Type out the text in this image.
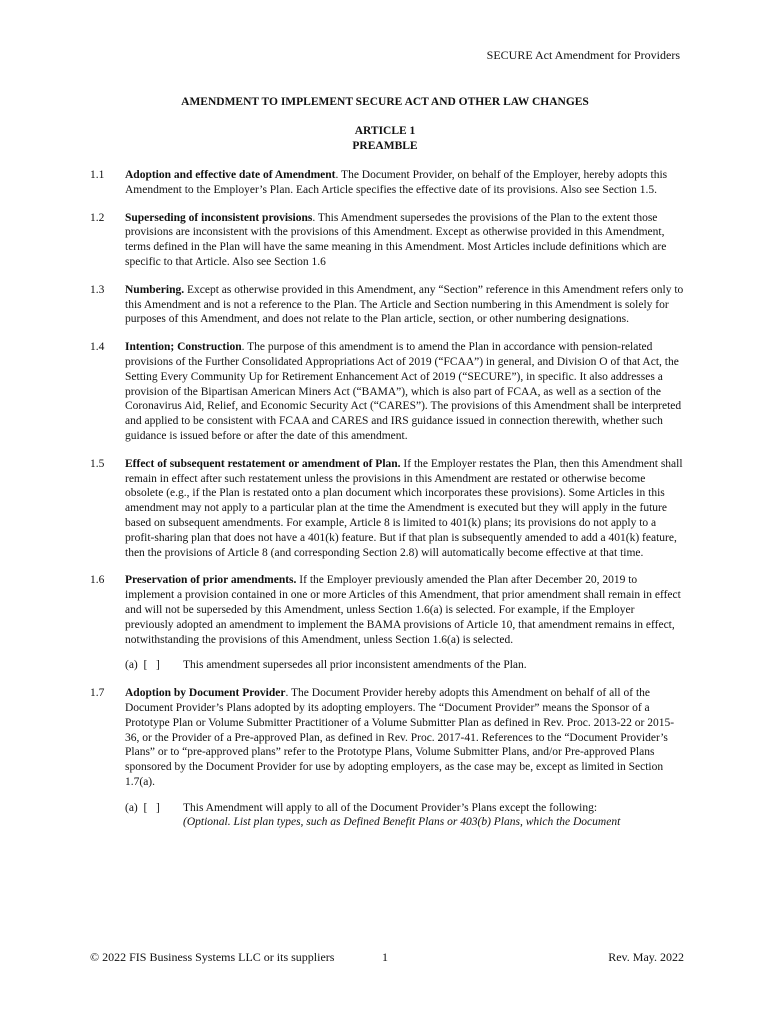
SECURE Act Amendment for Providers
AMENDMENT TO IMPLEMENT SECURE ACT AND OTHER LAW CHANGES
ARTICLE 1
PREAMBLE
1.1	Adoption and effective date of Amendment. The Document Provider, on behalf of the Employer, hereby adopts this Amendment to the Employer’s Plan. Each Article specifies the effective date of its provisions. Also see Section 1.5.
1.2	Superseding of inconsistent provisions. This Amendment supersedes the provisions of the Plan to the extent those provisions are inconsistent with the provisions of this Amendment. Except as otherwise provided in this Amendment, terms defined in the Plan will have the same meaning in this Amendment. Most Articles include definitions which are specific to that Article. Also see Section 1.6
1.3	Numbering. Except as otherwise provided in this Amendment, any “Section” reference in this Amendment refers only to this Amendment and is not a reference to the Plan. The Article and Section numbering in this Amendment is solely for purposes of this Amendment, and does not relate to the Plan article, section, or other numbering designations.
1.4	Intention; Construction. The purpose of this amendment is to amend the Plan in accordance with pension-related provisions of the Further Consolidated Appropriations Act of 2019 (“FCAA”) in general, and Division O of that Act, the Setting Every Community Up for Retirement Enhancement Act of 2019 (“SECURE”), in specific. It also addresses a provision of the Bipartisan American Miners Act (“BAMA”), which is also part of FCAA, as well as a section of the Coronavirus Aid, Relief, and Economic Security Act (“CARES”). The provisions of this Amendment shall be interpreted and applied to be consistent with FCAA and CARES and IRS guidance issued in connection therewith, whether such guidance is issued before or after the date of this amendment.
1.5	Effect of subsequent restatement or amendment of Plan. If the Employer restates the Plan, then this Amendment shall remain in effect after such restatement unless the provisions in this Amendment are restated or otherwise become obsolete (e.g., if the Plan is restated onto a plan document which incorporates these provisions). Some Articles in this amendment may not apply to a particular plan at the time the Amendment is executed but they will apply in the future based on subsequent amendments. For example, Article 8 is limited to 401(k) plans; its provisions do not apply to a profit-sharing plan that does not have a 401(k) feature. But if that plan is subsequently amended to add a 401(k) feature, then the provisions of Article 8 (and corresponding Section 2.8) will automatically become effective at that time.
1.6	Preservation of prior amendments. If the Employer previously amended the Plan after December 20, 2019 to implement a provision contained in one or more Articles of this Amendment, that prior amendment shall remain in effect and will not be superseded by this Amendment, unless Section 1.6(a) is selected. For example, if the Employer previously adopted an amendment to implement the BAMA provisions of Article 10, that amendment remains in effect, notwithstanding the provisions of this Amendment, unless Section 1.6(a) is selected.
(a)  [   ]	This amendment supersedes all prior inconsistent amendments of the Plan.
1.7	Adoption by Document Provider. The Document Provider hereby adopts this Amendment on behalf of all of the Document Provider’s Plans adopted by its adopting employers. The “Document Provider” means the Sponsor of a Prototype Plan or Volume Submitter Practitioner of a Volume Submitter Plan as defined in Rev. Proc. 2013-22 or 2015-36, or the Provider of a Pre-approved Plan, as defined in Rev. Proc. 2017-41. References to the “Document Provider’s Plans” or to “pre-approved plans” refer to the Prototype Plans, Volume Submitter Plans, and/or Pre-approved Plans sponsored by the Document Provider for use by adopting employers, as the case may be, except as limited in Section 1.7(a).
(a)  [   ]	This Amendment will apply to all of the Document Provider’s Plans except the following:
(Optional. List plan types, such as Defined Benefit Plans or 403(b) Plans, which the Document
© 2022 FIS Business Systems LLC or its suppliers	1	Rev. May. 2022
